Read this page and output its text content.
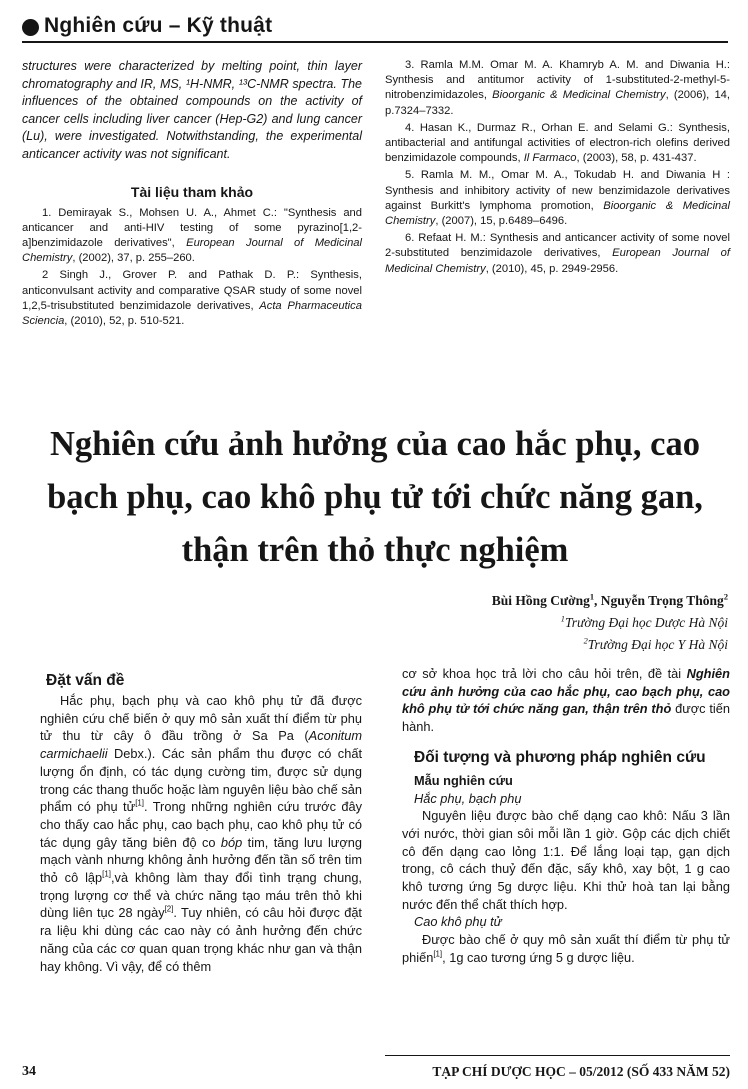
Nghiên cứu – Kỹ thuật

structures were characterized by melting point, thin layer chromatography and IR, MS, ¹H-NMR, ¹³C-NMR spectra. The influences of the obtained compounds on the activity of cancer cells including liver cancer (Hep-G2) and lung cancer (Lu), were investigated. Notwithstanding, the experimental anticancer activity was not significant.

Tài liệu tham khảo

1. Demirayak S., Mohsen U. A., Ahmet C.: "Synthesis and anticancer and anti-HIV testing of some pyrazino[1,2-a]benzimidazole derivatives", European Journal of Medicinal Chemistry, (2002), 37, p. 255–260.

2 Singh J., Grover P. and Pathak D. P.: Synthesis, anticonvulsant activity and comparative QSAR study of some novel 1,2,5-trisubstituted benzimidazole derivatives, Acta Pharmaceutica Sciencia, (2010), 52, p. 510-521.

3. Ramla M.M. Omar M. A. Khamryb A. M. and Diwania H.: Synthesis and antitumor activity of 1-substituted-2-methyl-5-nitrobenzimidazoles, Bioorganic & Medicinal Chemistry, (2006), 14, p.7324–7332.

4. Hasan K., Durmaz R., Orhan E. and Selami G.: Synthesis, antibacterial and antifungal activities of electron-rich olefins derived benzimidazole compounds, Il Farmaco, (2003), 58, p. 431-437.

5. Ramla M. M., Omar M. A., Tokudab H. and Diwania H : Synthesis and inhibitory activity of new benzimidazole derivatives against Burkitt's lymphoma promotion, Bioorganic & Medicinal Chemistry, (2007), 15, p.6489–6496.

6. Refaat H. M.: Synthesis and anticancer activity of some novel 2-substituted benzimidazole derivatives, European Journal of Medicinal Chemistry, (2010), 45, p. 2949-2956.

Nghiên cứu ảnh hưởng của cao hắc phụ, cao bạch phụ, cao khô phụ tử tới chức năng gan, thận trên thỏ thực nghiệm
Bùi Hồng Cường$^1$, Nguyễn Trọng Thông$^2$
$^1$Trường Đại học Dược Hà Nội
$^2$Trường Đại học Y Hà Nội
Đặt vấn đề

Hắc phụ, bạch phụ và cao khô phụ tử đã được nghiên cứu chế biến ở quy mô sản xuất thí điểm từ phụ tử thu từ cây ô đầu trồng ở Sa Pa (Aconitum carmichaelii Debx.). Các sản phẩm thu được có chất lượng ổn định, có tác dụng cường tim, được sử dụng trong các thang thuốc hoặc làm nguyên liệu bào chế sản phẩm có phụ tử[1]. Trong những nghiên cứu trước đây cho thấy cao hắc phụ, cao bạch phụ, cao khô phụ tử có tác dụng gây tăng biên độ co bóp tim, tăng lưu lượng mạch vành nhưng không ảnh hưởng đến tần số trên tim thỏ cô lập[1],và không làm thay đổi tình trạng chung, trọng lượng cơ thể và chức năng tạo máu trên thỏ khi dùng liên tục 28 ngày[2]. Tuy nhiên, có câu hỏi được đặt ra liệu khi dùng các cao này có ảnh hưởng đến chức năng của các cơ quan quan trọng khác như gan và thận hay không. Vì vậy, để có thêm

cơ sở khoa học trả lời cho câu hỏi trên, đề tài Nghiên cứu ảnh hưởng của cao hắc phụ, cao bạch phụ, cao khô phụ tử tới chức năng gan, thận trên thỏ được tiến hành.

Đối tượng và phương pháp nghiên cứu
Mẫu nghiên cứu
Hắc phụ, bạch phụ

Nguyên liệu được bào chế dạng cao khô: Nấu 3 lần với nước, thời gian sôi mỗi lần 1 giờ. Gộp các dịch chiết cô đến dạng cao lỏng 1:1. Để lắng loại tạp, gạn dịch trong, cô cách thuỷ đến đặc, sấy khô, xay bột, 1 g cao khô tương ứng 5g dược liệu. Khi thử hoà tan lại bằng nước đến thể chất thích hợp.

Cao khô phụ tử

Được bào chế ở quy mô sản xuất thí điểm từ phụ tử phiến[1], 1g cao tương ứng 5 g dược liệu.

34	TẠP CHÍ DƯỢC HỌC – 05/2012 (SỐ 433 NĂM 52)
